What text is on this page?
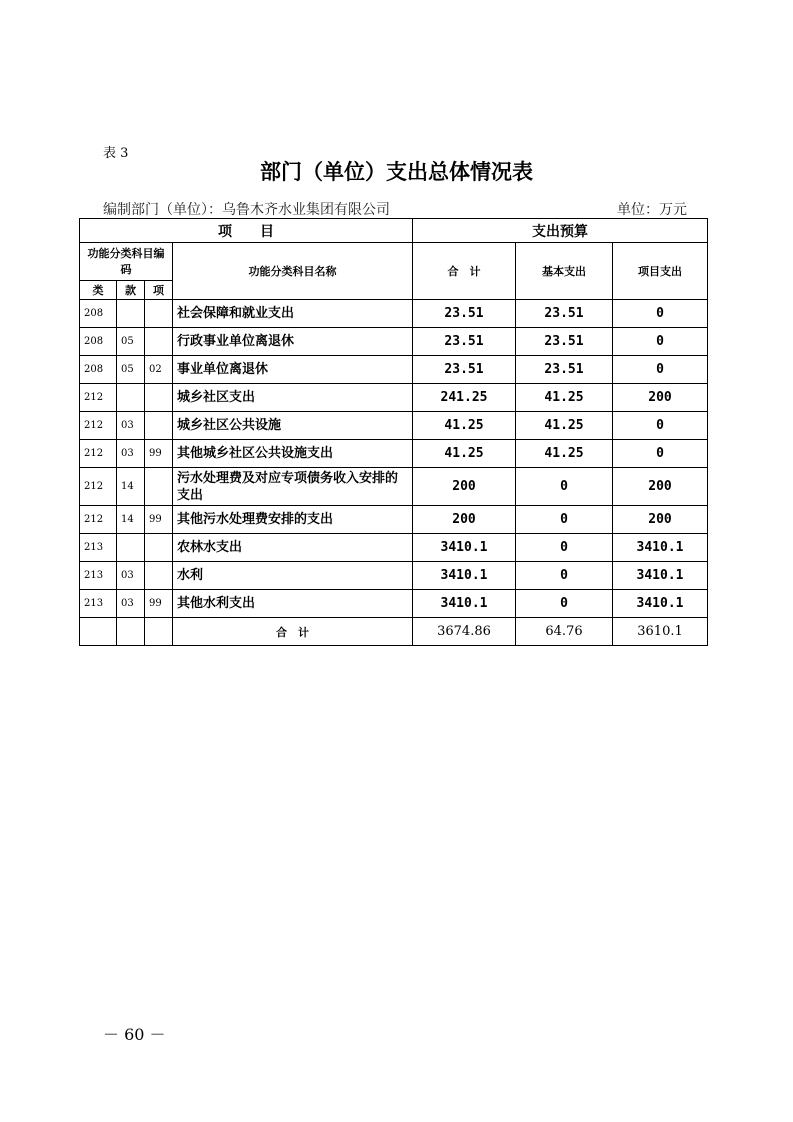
表 3
部门（单位）支出总体情况表
编制部门（单位）：乌鲁木齐水业集团有限公司	单位：万元
项　　目				支出预算		
功能分类科目编码			功能分类科目名称	合　计	基本支出	项目支出
类	款	项				
208			社会保障和就业支出	23.51	23.51	0
208	05		行政事业单位离退休	23.51	23.51	0
208	05	02	事业单位离退休	23.51	23.51	0
212			城乡社区支出	241.25	41.25	200
212	03		城乡社区公共设施	41.25	41.25	0
212	03	99	其他城乡社区公共设施支出	41.25	41.25	0
212	14		污水处理费及对应专项债务收入安排的支出	200	0	200
212	14	99	其他污水处理费安排的支出	200	0	200
213			农林水支出	3410.1	0	3410.1
213	03		水利	3410.1	0	3410.1
213	03	99	其他水利支出	3410.1	0	3410.1
			合　计	3674.86	64.76	3610.1
－ 60 －
